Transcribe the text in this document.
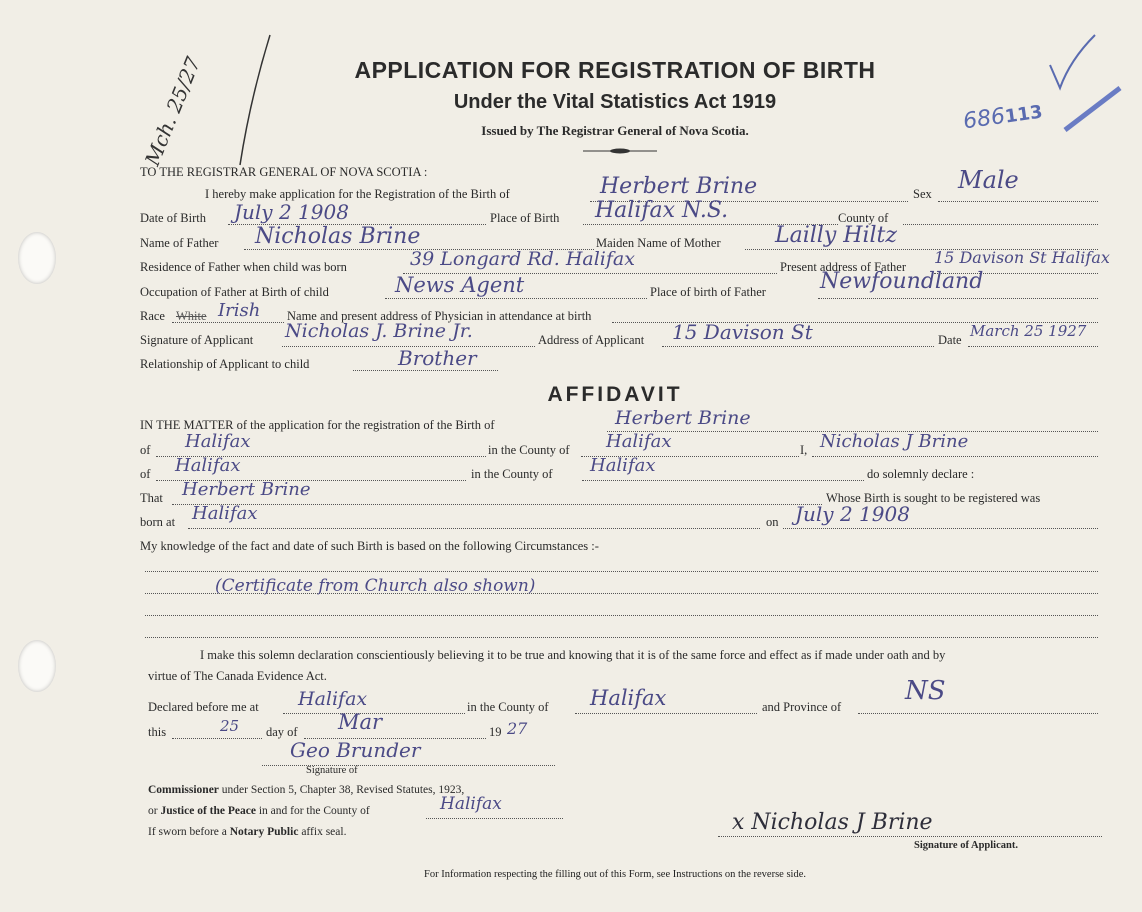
Mch. 25/27	686113
APPLICATION FOR REGISTRATION OF BIRTH
Under the Vital Statistics Act 1919
Issued by The Registrar General of Nova Scotia.
TO THE REGISTRAR GENERAL OF NOVA SCOTIA :
I hereby make application for the Registration of the Birth of	Herbert Brine	Sex Male
Date of Birth July 2 1908	Place of Birth Halifax N.S.	County of
Name of Father Nicholas Brine	Maiden Name of Mother Lailly Hiltz
Residence of Father when child was born	39 Longard Rd. Halifax	Present address of Father 15 Davison St Halifax
Occupation of Father at Birth of child	News Agent	Place of birth of Father Newfoundland
Race White Irish Name and present address of Physician in attendance at birth
Signature of Applicant Nicholas J. Brine Jr.	Address of Applicant 15 Davison St	Date March 25 1927
Relationship of Applicant to child	Brother
AFFIDAVIT
IN THE MATTER of the application for the registration of the Birth of	Herbert Brine
of Halifax	in the County of Halifax	I, Nicholas J Brine
of Halifax	in the County of Halifax	do solemnly declare :
That Herbert Brine	Whose Birth is sought to be registered was
born at Halifax	on July 2 1908
My knowledge of the fact and date of such Birth is based on the following Circumstances :-
(Certificate from Church also shown)
I make this solemn declaration conscientiously believing it to be true and knowing that it is of the same force and effect as if made under oath and by
virtue of The Canada Evidence Act.
Declared before me at Halifax	in the County of Halifax	and Province of
NS
this	25 day of Mar	19 27
Geo Brunder
Signature of
Commissioner under Section 5, Chapter 38, Revised Statutes, 1923,
or Justice of the Peace in and for the County of	Halifax
If sworn before a Notary Public affix seal.	x Nicholas J Brine
Signature of Applicant.
For Information respecting the filling out of this Form, see Instructions on the reverse side.
